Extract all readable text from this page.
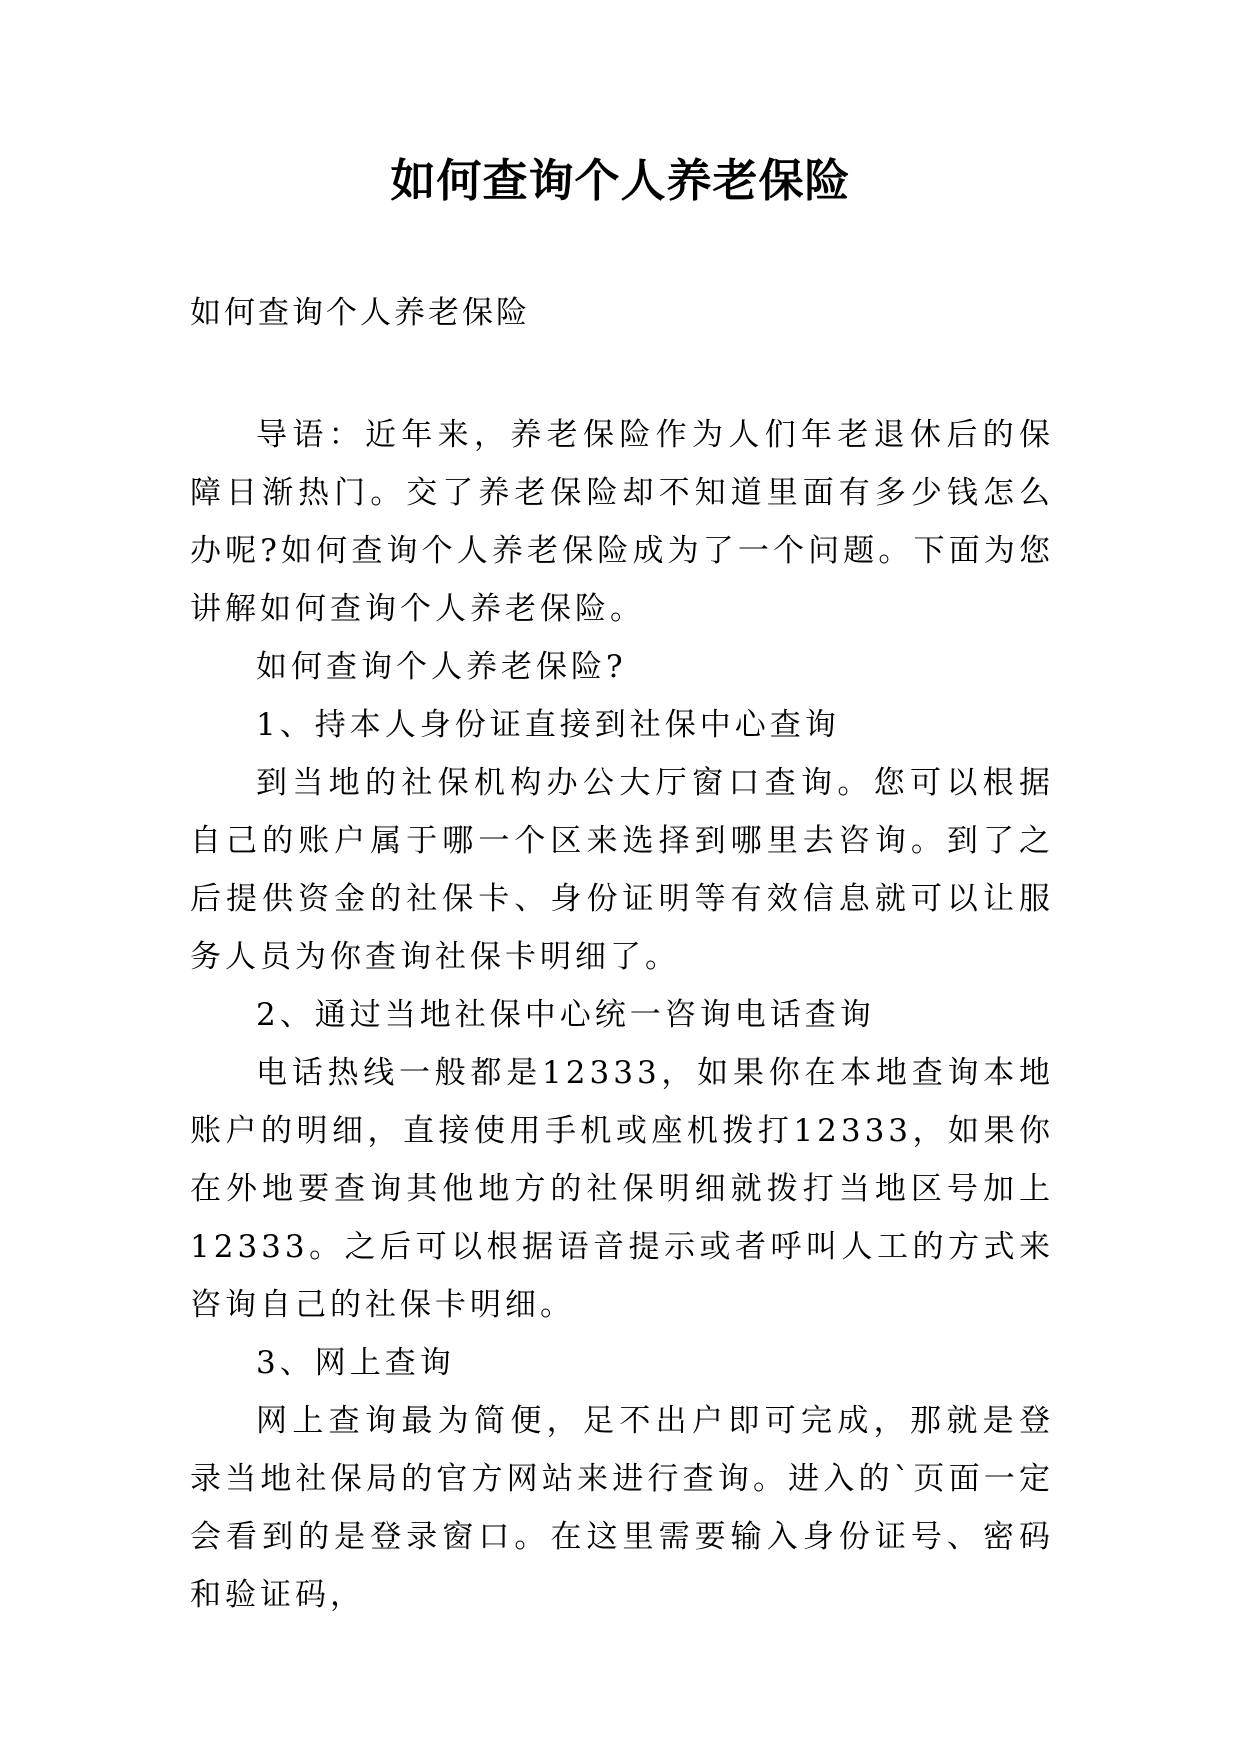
如何查询个人养老保险
如何查询个人养老保险

导语：近年来，养老保险作为人们年老退休后的保障日渐热门。交了养老保险却不知道里面有多少钱怎么办呢?如何查询个人养老保险成为了一个问题。下面为您讲解如何查询个人养老保险。

如何查询个人养老保险?

1、持本人身份证直接到社保中心查询

到当地的社保机构办公大厅窗口查询。您可以根据自己的账户属于哪一个区来选择到哪里去咨询。到了之后提供资金的社保卡、身份证明等有效信息就可以让服务人员为你查询社保卡明细了。

2、通过当地社保中心统一咨询电话查询

电话热线一般都是12333，如果你在本地查询本地账户的明细，直接使用手机或座机拨打12333，如果你在外地要查询其他地方的社保明细就拨打当地区号加上12333。之后可以根据语音提示或者呼叫人工的方式来咨询自己的社保卡明细。

3、网上查询

网上查询最为简便，足不出户即可完成，那就是登录当地社保局的官方网站来进行查询。进入的`页面一定会看到的是登录窗口。在这里需要输入身份证号、密码和验证码，
